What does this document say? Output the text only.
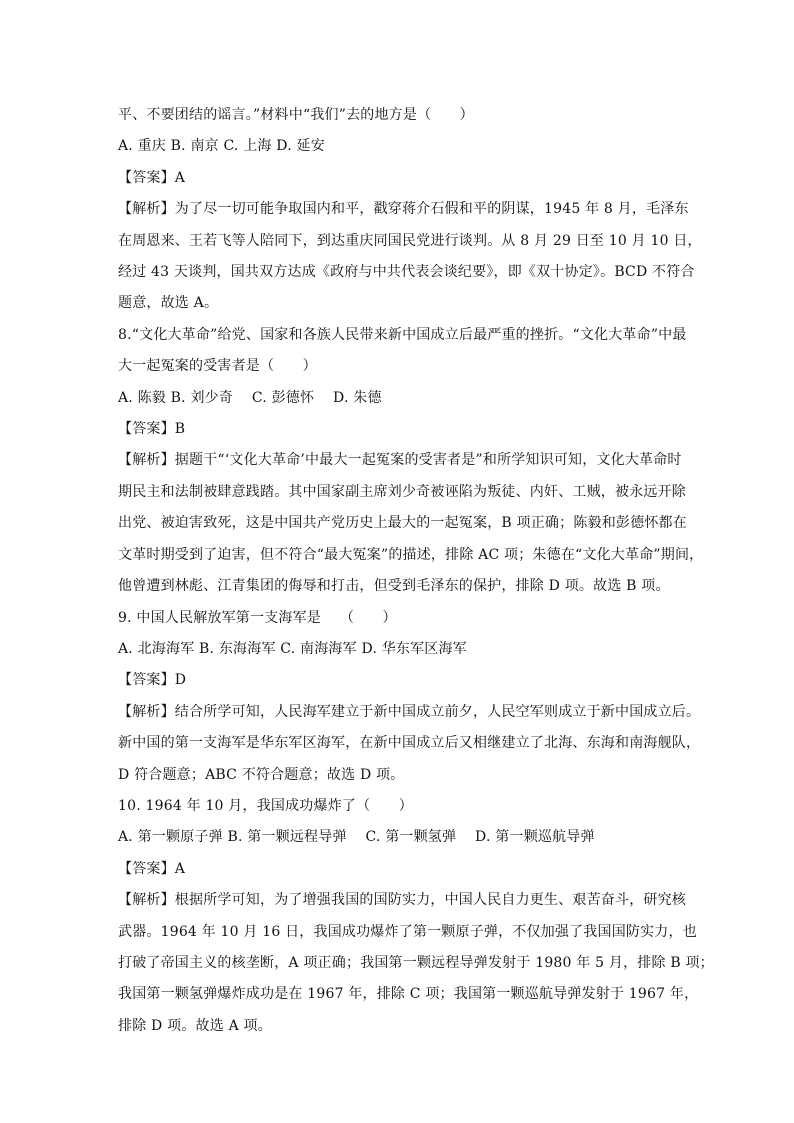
平、不要团结的谣言。”材料中“我们”去的地方是（　　）
A. 重庆 B. 南京 C. 上海 D. 延安
【答案】A
【解析】为了尽一切可能争取国内和平，戳穿蒋介石假和平的阴谋，1945 年 8 月，毛泽东
在周恩来、王若飞等人陪同下，到达重庆同国民党进行谈判。从 8 月 29 日至 10 月 10 日，
经过 43 天谈判，国共双方达成《政府与中共代表会谈纪要》，即《双十协定》。BCD 不符合
题意，故选 A。
8.“文化大革命”给党、国家和各族人民带来新中国成立后最严重的挫折。“文化大革命”中最
大一起冤案的受害者是（　　）
A. 陈毅 B. 刘少奇　 C. 彭德怀　 D. 朱德
【答案】B
【解析】据题干“‘文化大革命’中最大一起冤案的受害者是”和所学知识可知，文化大革命时
期民主和法制被肆意践踏。其中国家副主席刘少奇被诬陷为叛徒、内奸、工贼，被永远开除
出党、被迫害致死，这是中国共产党历史上最大的一起冤案，B 项正确；陈毅和彭德怀都在
文革时期受到了迫害，但不符合“最大冤案”的描述，排除 AC 项；朱德在“文化大革命”期间，
他曾遭到林彪、江青集团的侮辱和打击，但受到毛泽东的保护，排除 D 项。故选 B 项。
9. 中国人民解放军第一支海军是　 （　　）
A. 北海海军 B. 东海海军 C. 南海海军 D. 华东军区海军
【答案】D
【解析】结合所学可知，人民海军建立于新中国成立前夕，人民空军则成立于新中国成立后。
新中国的第一支海军是华东军区海军，在新中国成立后又相继建立了北海、东海和南海舰队，
D 符合题意；ABC 不符合题意；故选 D 项。
10. 1964 年 10 月，我国成功爆炸了（　　）
A. 第一颗原子弹 B. 第一颗远程导弹　 C. 第一颗氢弹　 D. 第一颗巡航导弹
【答案】A
【解析】根据所学可知，为了增强我国的国防实力，中国人民自力更生、艰苦奋斗，研究核
武器。1964 年 10 月 16 日，我国成功爆炸了第一颗原子弹，不仅加强了我国国防实力，也
打破了帝国主义的核垄断，A 项正确；我国第一颗远程导弹发射于 1980 年 5 月，排除 B 项；
我国第一颗氢弹爆炸成功是在 1967 年，排除 C 项；我国第一颗巡航导弹发射于 1967 年，
排除 D 项。故选 A 项。
